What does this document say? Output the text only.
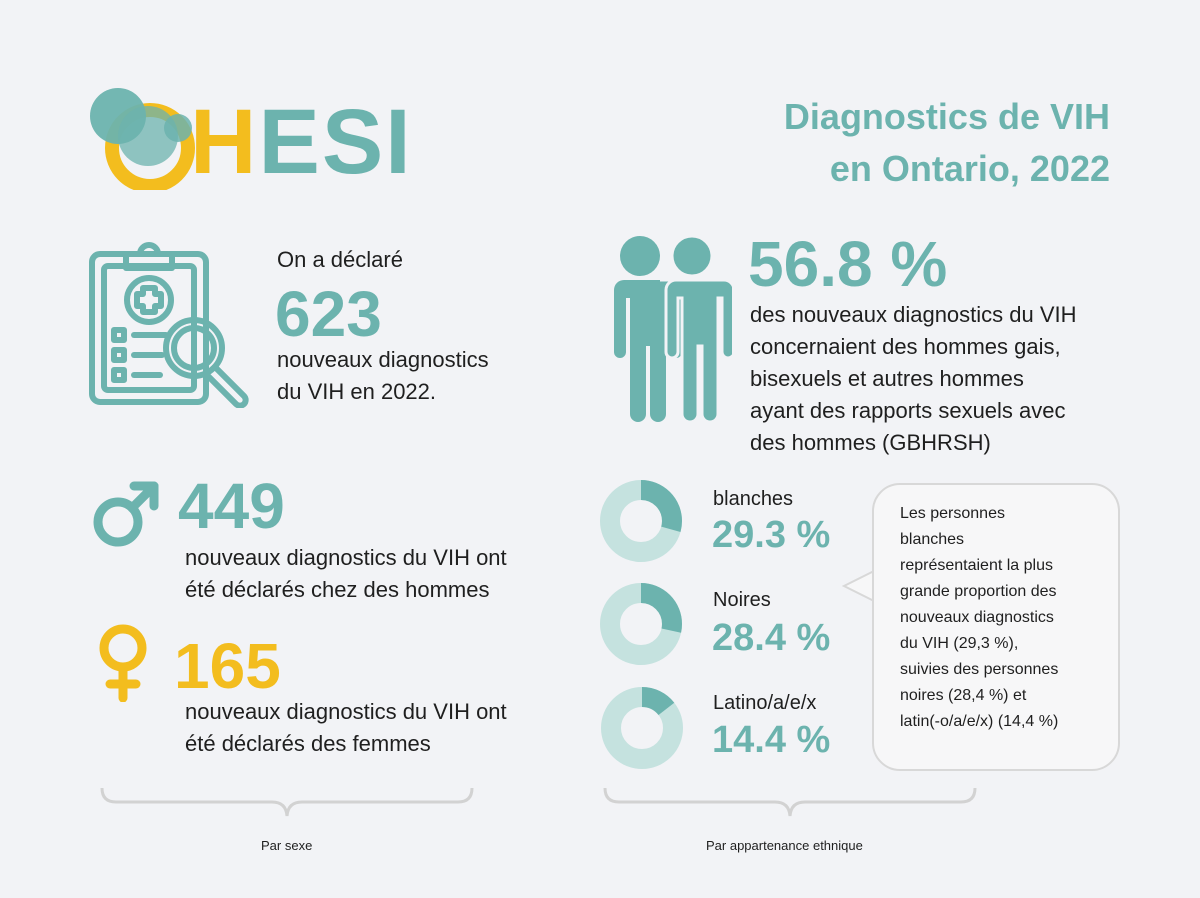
HESI	Diagnostics de VIH
en Ontario, 2022
On a déclaré
623
nouveaux diagnostics
du VIH en 2022.
56.8 %
des nouveaux diagnostics du VIH
concernaient des hommes gais,
bisexuels et autres hommes
ayant des rapports sexuels avec
des hommes (GBHRSH)
449
nouveaux diagnostics du VIH ont
été déclarés chez des hommes
165
nouveaux diagnostics du VIH ont
été déclarés des femmes
blanches
29.3 %
Noires
28.4 %
Latino/a/e/x
14.4 %
Les personnes
blanches
représentaient la plus
grande proportion des
nouveaux diagnostics
du VIH (29,3 %),
suivies des personnes
noires (28,4 %) et
latin(-o/a/e/x) (14,4 %)
Par sexe	Par appartenance ethnique
